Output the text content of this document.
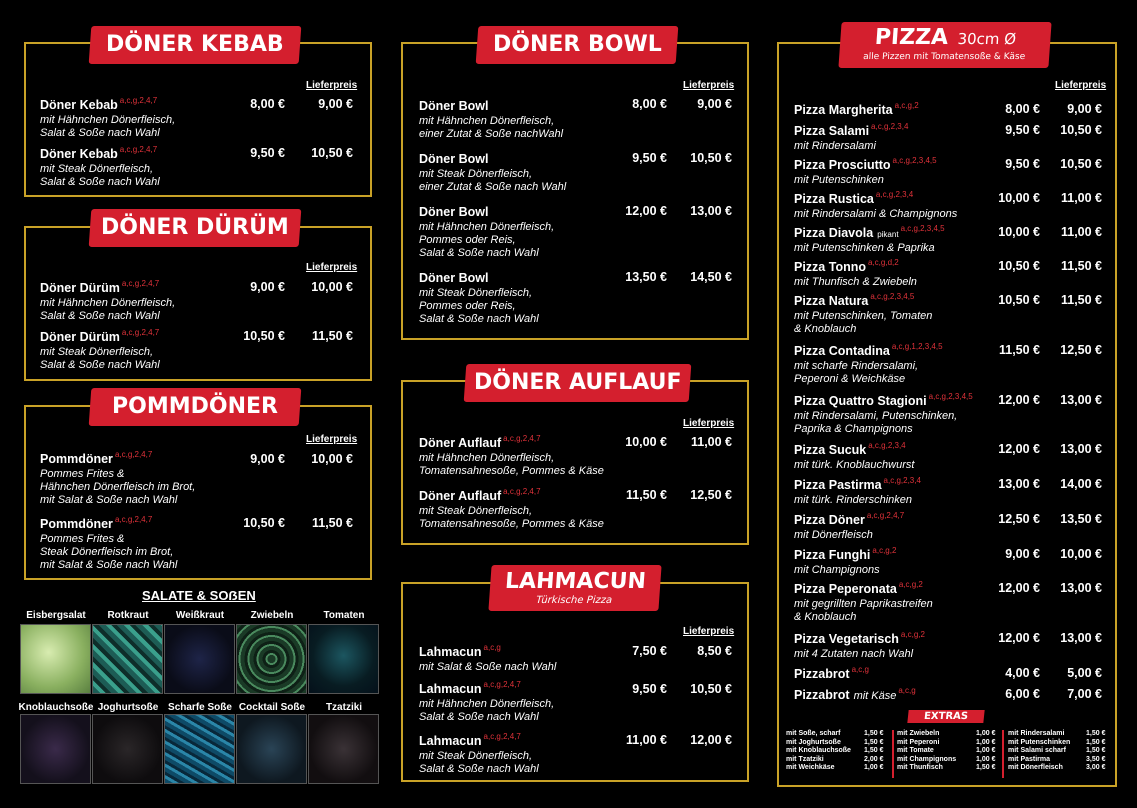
DÖNER KEBAB
DÖNER DÜRÜM
POMMDÖNER
DÖNER BOWL
DÖNER AUFLAUF
LAHMACUN
Türkische Pizza
PIZZA 30cm Ø
alle Pizzen mit Tomatensoße & Käse
Lieferpreis
Lieferpreis
Lieferpreis
Lieferpreis
Lieferpreis
Lieferpreis
Lieferpreis
Döner Kebab $^{a,c,g,2,4,7}$
mit Hähnchen Dönerfleisch,
Salat & Soße nach Wahl
8,00 €	9,00 €
Döner Kebab $^{a,c,g,2,4,7}$
mit Steak Dönerfleisch,
Salat & Soße nach Wahl
9,50 €	10,50 €
Döner Dürüm $^{a,c,g,2,4,7}$
mit Hähnchen Dönerfleisch,
Salat & Soße nach Wahl
9,00 €	10,00 €
Döner Dürüm $^{a,c,g,2,4,7}$
mit Steak Dönerfleisch,
Salat & Soße nach Wahl
10,50 €	11,50 €
Pommdöner $^{a,c,g,2,4,7}$
Pommes Frites &
Hähnchen Dönerfleisch im Brot,
mit Salat & Soße nach Wahl
9,00 €	10,00 €
Pommdöner $^{a,c,g,2,4,7}$
Pommes Frites &
Steak Dönerfleisch im Brot,
mit Salat & Soße nach Wahl
10,50 €	11,50 €
SALATE & SOẞEN
Eisbergsalat	Rotkraut	Weißkraut	Zwiebeln	Tomaten
Knoblauchsoße Joghurtsoße Scharfe Soße Cocktail Soße	Tzatziki
Döner Bowl
mit Hähnchen Dönerfleisch,
einer Zutat & Soße nachWahl
8,00 €	9,00 €
Döner Bowl
mit Steak Dönerfleisch,
einer Zutat & Soße nach Wahl
9,50 €	10,50 €
Döner Bowl
mit Hähnchen Dönerfleisch,
Pommes oder Reis,
Salat & Soße nach Wahl
12,00 €	13,00 €
Döner Bowl
mit Steak Dönerfleisch,
Pommes oder Reis,
Salat & Soße nach Wahl
13,50 €	14,50 €
Döner Auflauf $^{a,c,g,2,4,7}$
mit Hähnchen Dönerfleisch,
Tomatensahnesoße, Pommes & Käse
10,00 €	11,00 €
Döner Auflauf $^{a,c,g,2,4,7}$
mit Steak Dönerfleisch,
Tomatensahnesoße, Pommes & Käse
11,50 €	12,50 €
Lahmacun $^{a,c,g}$
mit Salat & Soße nach Wahl
7,50 €	8,50 €
Lahmacun $^{a,c,g,2,4,7}$
mit Hähnchen Dönerfleisch,
Salat & Soße nach Wahl
9,50 €	10,50 €
Lahmacun $^{a,c,g,2,4,7}$
mit Steak Dönerfleisch,
Salat & Soße nach Wahl
11,00 €	12,00 €
Pizza Margherita $^{a,c,g,2}$	8,00 €	9,00 €
Pizza Salami $^{a,c,g,2,3,4}$
mit Rindersalami
9,50 €	10,50 €
Pizza Prosciutto $^{a,c,g,2,3,4,5}$
mit Putenschinken
9,50 €	10,50 €
Pizza Rustica $^{a,c,g,2,3,4}$
mit Rindersalami & Champignons
10,00 €	11,00 €
Pizza Diavola pikant$^{a,c,g,2,3,4,5}$
mit Putenschinken & Paprika
10,00 €	11,00 €
Pizza Tonno $^{a,c,g,d,2}$
mit Thunfisch & Zwiebeln
10,50 €	11,50 €
Pizza Natura $^{a,c,g,2,3,4,5}$
mit Putenschinken, Tomaten
& Knoblauch
10,50 €	11,50 €
Pizza Contadina $^{a,c,g,1,2,3,4,5}$
mit scharfe Rindersalami,
Peperoni & Weichkäse
11,50 €	12,50 €
Pizza Quattro Stagioni $^{a,c,g,2,3,4,5}$
mit Rindersalami, Putenschinken,
Paprika & Champignons
12,00 €	13,00 €
Pizza Sucuk $^{a,c,g,2,3,4}$
mit türk. Knoblauchwurst
12,00 €	13,00 €
Pizza Pastirma $^{a,c,g,2,3,4}$
mit türk. Rinderschinken
13,00 €	14,00 €
Pizza Döner $^{a,c,g,2,4,7}$
mit Dönerfleisch
12,50 €	13,50 €
Pizza Funghi $^{a,c,g,2}$
mit Champignons
9,00 €	10,00 €
Pizza Peperonata $^{a,c,g,2}$
mit gegrillten Paprikastreifen
& Knoblauch
12,00 €	13,00 €
Pizza Vegetarisch $^{a,c,g,2}$
mit 4 Zutaten nach Wahl
12,00 €	13,00 €
Pizzabrot $^{a,c,g}$	4,00 €	5,00 €
Pizzabrot mit Käse $^{a,c,g}$	6,00 €	7,00 €
EXTRAS
mit Soße, scharf	1,50 €
mit Joghurtsoße	1,50 €
mit Knoblauchsoße 1,50 €
mit Tzatziki	2,00 €
mit Weichkäse	1,00 €
mit Zwiebeln	1,00 €
mit Peperoni	1,00 €
mit Tomate	1,00 €
mit Champignons	1,00 €
mit Thunfisch	1,50 €
mit Rindersalami	1,50 €
mit Putenschinken 1,50 €
mit Salami scharf	1,50 €
mit Pastirma	3,50 €
mit Dönerfleisch	3,00 €
